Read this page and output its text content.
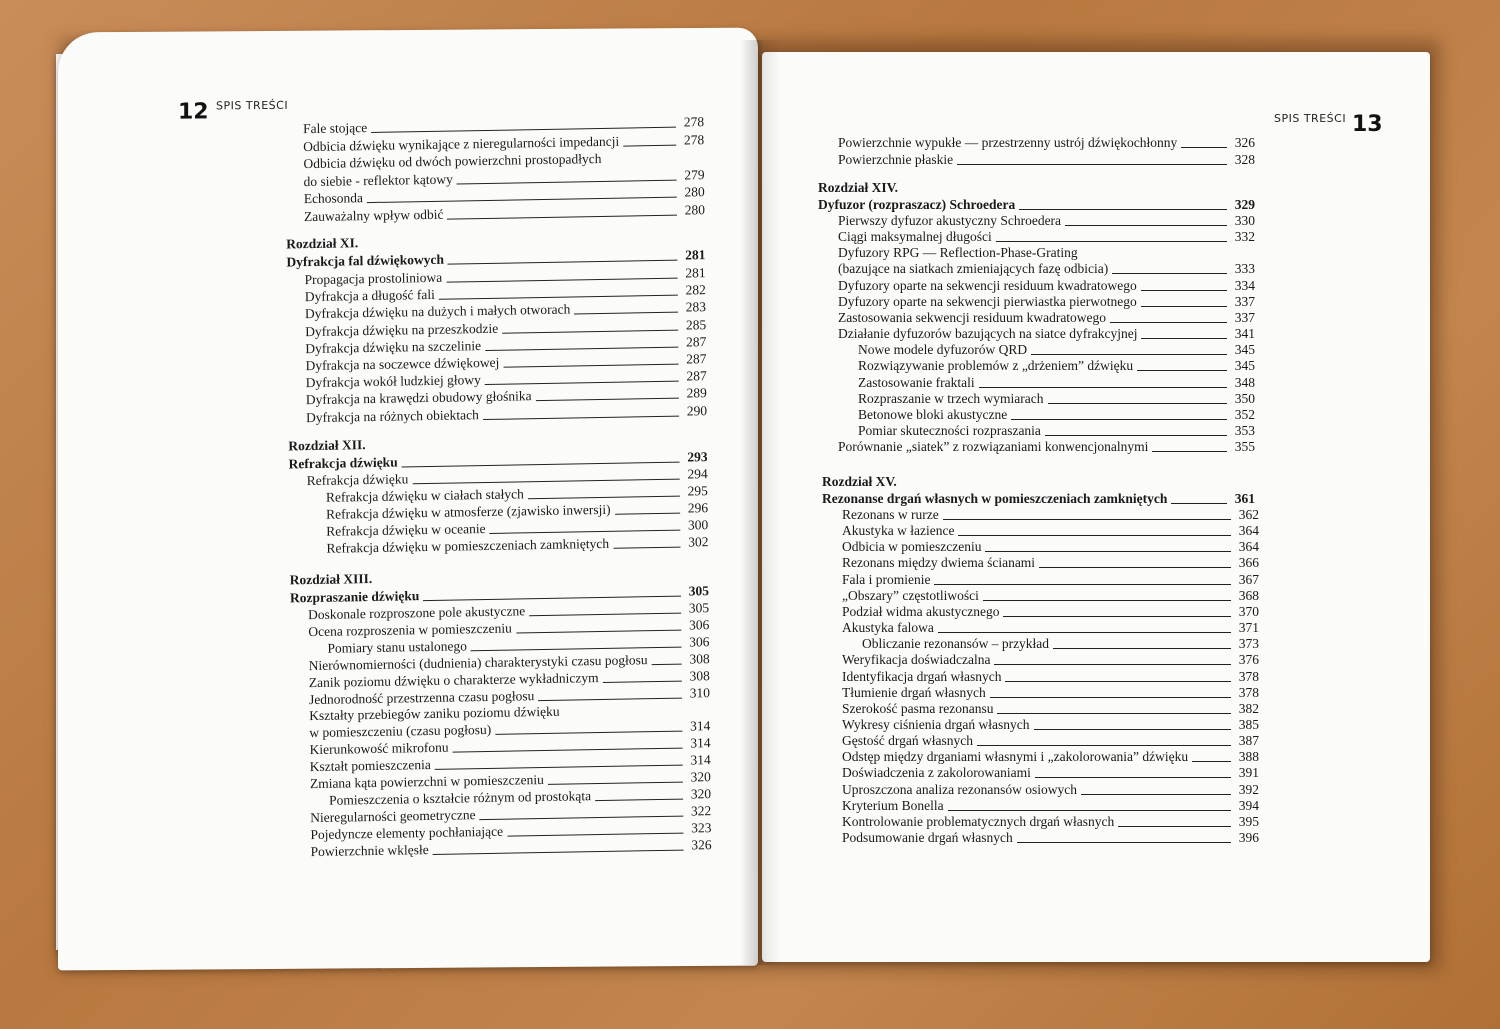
12 SPIS TREŚCI
Fale stojące	278
Odbicia dźwięku wynikające z nieregularności impedancji	278
Odbicia dźwięku od dwóch powierzchni prostopadłych
do siebie - reflektor kątowy	279
Echosonda	280
Zauważalny wpływ odbić	280
Rozdział XI.
Dyfrakcja fal dźwiękowych	281
Propagacja prostoliniowa	281
Dyfrakcja a długość fali	282
Dyfrakcja dźwięku na dużych i małych otworach	283
Dyfrakcja dźwięku na przeszkodzie	285
Dyfrakcja dźwięku na szczelinie	287
Dyfrakcja na soczewce dźwiękowej	287
Dyfrakcja wokół ludzkiej głowy	287
Dyfrakcja na krawędzi obudowy głośnika	289
Dyfrakcja na różnych obiektach	290
Rozdział XII.
Refrakcja dźwięku	293
Refrakcja dźwięku	294
Refrakcja dźwięku w ciałach stałych	295
Refrakcja dźwięku w atmosferze (zjawisko inwersji)	296
Refrakcja dźwięku w oceanie	300
Refrakcja dźwięku w pomieszczeniach zamkniętych	302
Rozdział XIII.
Rozpraszanie dźwięku	305
Doskonale rozproszone pole akustyczne	305
Ocena rozproszenia w pomieszczeniu	306
Pomiary stanu ustalonego	306
Nierównomierności (dudnienia) charakterystyki czasu pogłosu	308
Zanik poziomu dźwięku o charakterze wykładniczym	308
Jednorodność przestrzenna czasu pogłosu	310
Kształty przebiegów zaniku poziomu dźwięku
w pomieszczeniu (czasu pogłosu)	314
Kierunkowość mikrofonu	314
Kształt pomieszczenia	314
Zmiana kąta powierzchni w pomieszczeniu	320
Pomieszczenia o kształcie różnym od prostokąta	320
Nieregularności geometryczne	322
Pojedyncze elementy pochłaniające	323
Powierzchnie wklęsłe	326
SPIS TREŚCI 13
Powierzchnie wypukłe — przestrzenny ustrój dźwiękochłonny	326
Powierzchnie płaskie	328
Rozdział XIV.
Dyfuzor (rozpraszacz) Schroedera	329
Pierwszy dyfuzor akustyczny Schroedera	330
Ciągi maksymalnej długości	332
Dyfuzory RPG — Reflection-Phase-Grating
(bazujące na siatkach zmieniających fazę odbicia)	333
Dyfuzory oparte na sekwencji residuum kwadratowego	334
Dyfuzory oparte na sekwencji pierwiastka pierwotnego	337
Zastosowania sekwencji residuum kwadratowego	337
Działanie dyfuzorów bazujących na siatce dyfrakcyjnej	341
Nowe modele dyfuzorów QRD	345
Rozwiązywanie problemów z „drżeniem” dźwięku	345
Zastosowanie fraktali	348
Rozpraszanie w trzech wymiarach	350
Betonowe bloki akustyczne	352
Pomiar skuteczności rozpraszania	353
Porównanie „siatek” z rozwiązaniami konwencjonalnymi	355
Rozdział XV.
Rezonanse drgań własnych w pomieszczeniach zamkniętych	361
Rezonans w rurze	362
Akustyka w łazience	364
Odbicia w pomieszczeniu	364
Rezonans między dwiema ścianami	366
Fala i promienie	367
„Obszary” częstotliwości	368
Podział widma akustycznego	370
Akustyka falowa	371
Obliczanie rezonansów – przykład	373
Weryfikacja doświadczalna	376
Identyfikacja drgań własnych	378
Tłumienie drgań własnych	378
Szerokość pasma rezonansu	382
Wykresy ciśnienia drgań własnych	385
Gęstość drgań własnych	387
Odstęp między drganiami własnymi i „zakolorowania” dźwięku	388
Doświadczenia z zakolorowaniami	391
Uproszczona analiza rezonansów osiowych	392
Kryterium Bonella	394
Kontrolowanie problematycznych drgań własnych	395
Podsumowanie drgań własnych	396
